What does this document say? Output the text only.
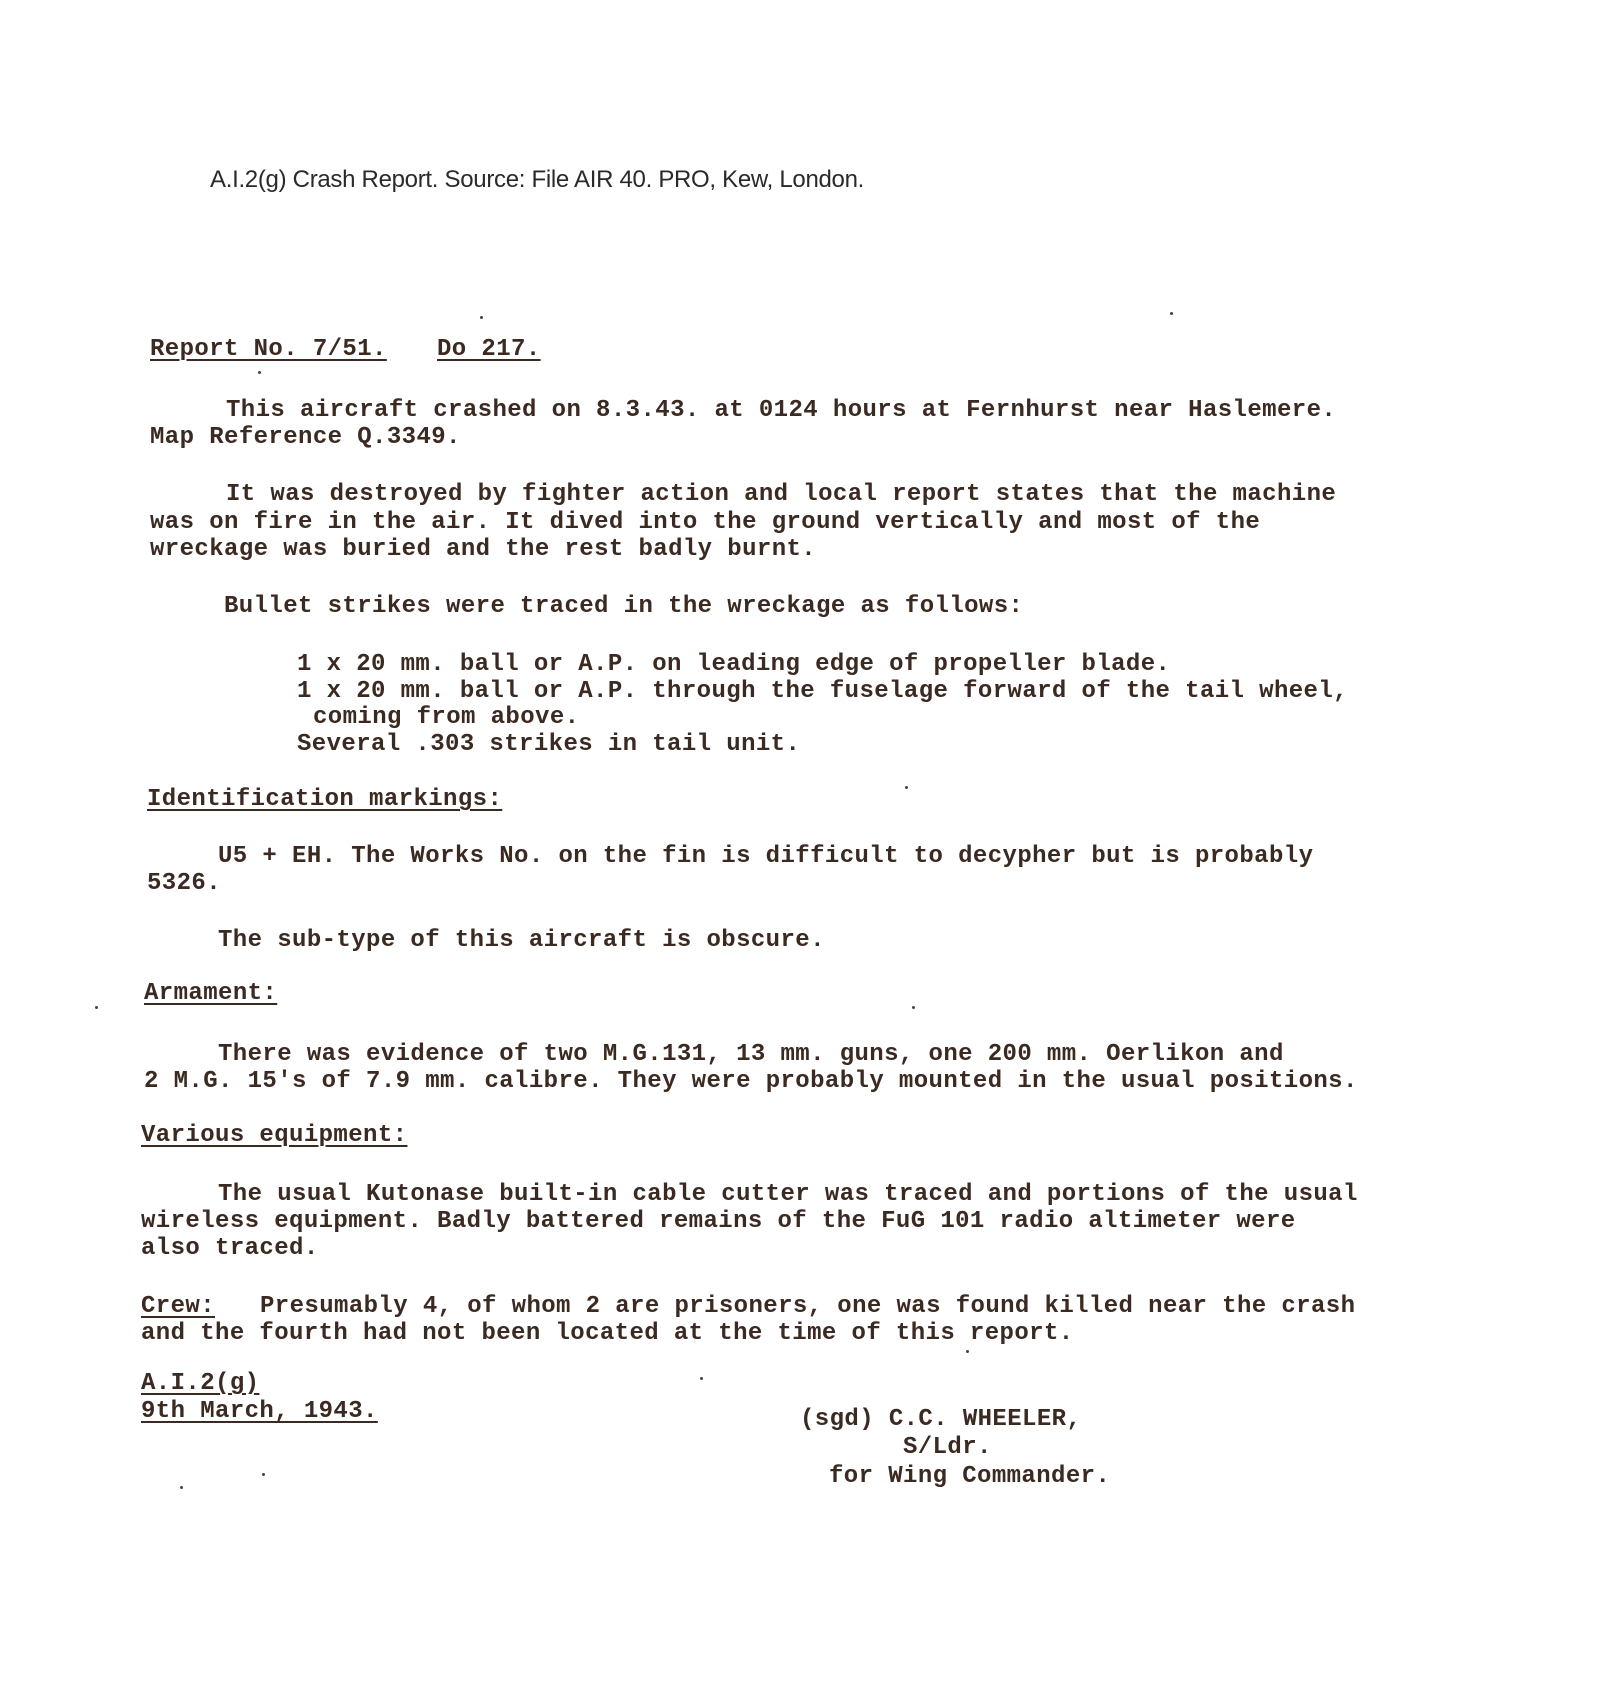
A.I.2(g) Crash Report. Source: File AIR 40. PRO, Kew, London.
Report No. 7/51. Do 217.
This aircraft crashed on 8.3.43. at 0124 hours at Fernhurst near Haslemere.
Map Reference Q.3349.
It was destroyed by fighter action and local report states that the machine
was on fire in the air. It dived into the ground vertically and most of the
wreckage was buried and the rest badly burnt.
Bullet strikes were traced in the wreckage as follows:
1 x 20 mm. ball or A.P. on leading edge of propeller blade.
1 x 20 mm. ball or A.P. through the fuselage forward of the tail wheel,
coming from above.
Several .303 strikes in tail unit.
Identification markings:
U5 + EH. The Works No. on the fin is difficult to decypher but is probably
5326.
The sub-type of this aircraft is obscure.
Armament:
There was evidence of two M.G.131, 13 mm. guns, one 200 mm. Oerlikon and
2 M.G. 15's of 7.9 mm. calibre. They were probably mounted in the usual positions.
Various equipment:
The usual Kutonase built-in cable cutter was traced and portions of the usual
wireless equipment. Badly battered remains of the FuG 101 radio altimeter were
also traced.
Crew: Presumably 4, of whom 2 are prisoners, one was found killed near the crash
and the fourth had not been located at the time of this report.
A.I.2(g)
9th March, 1943.	(sgd) C.C. WHEELER,
S/Ldr.
for Wing Commander.
